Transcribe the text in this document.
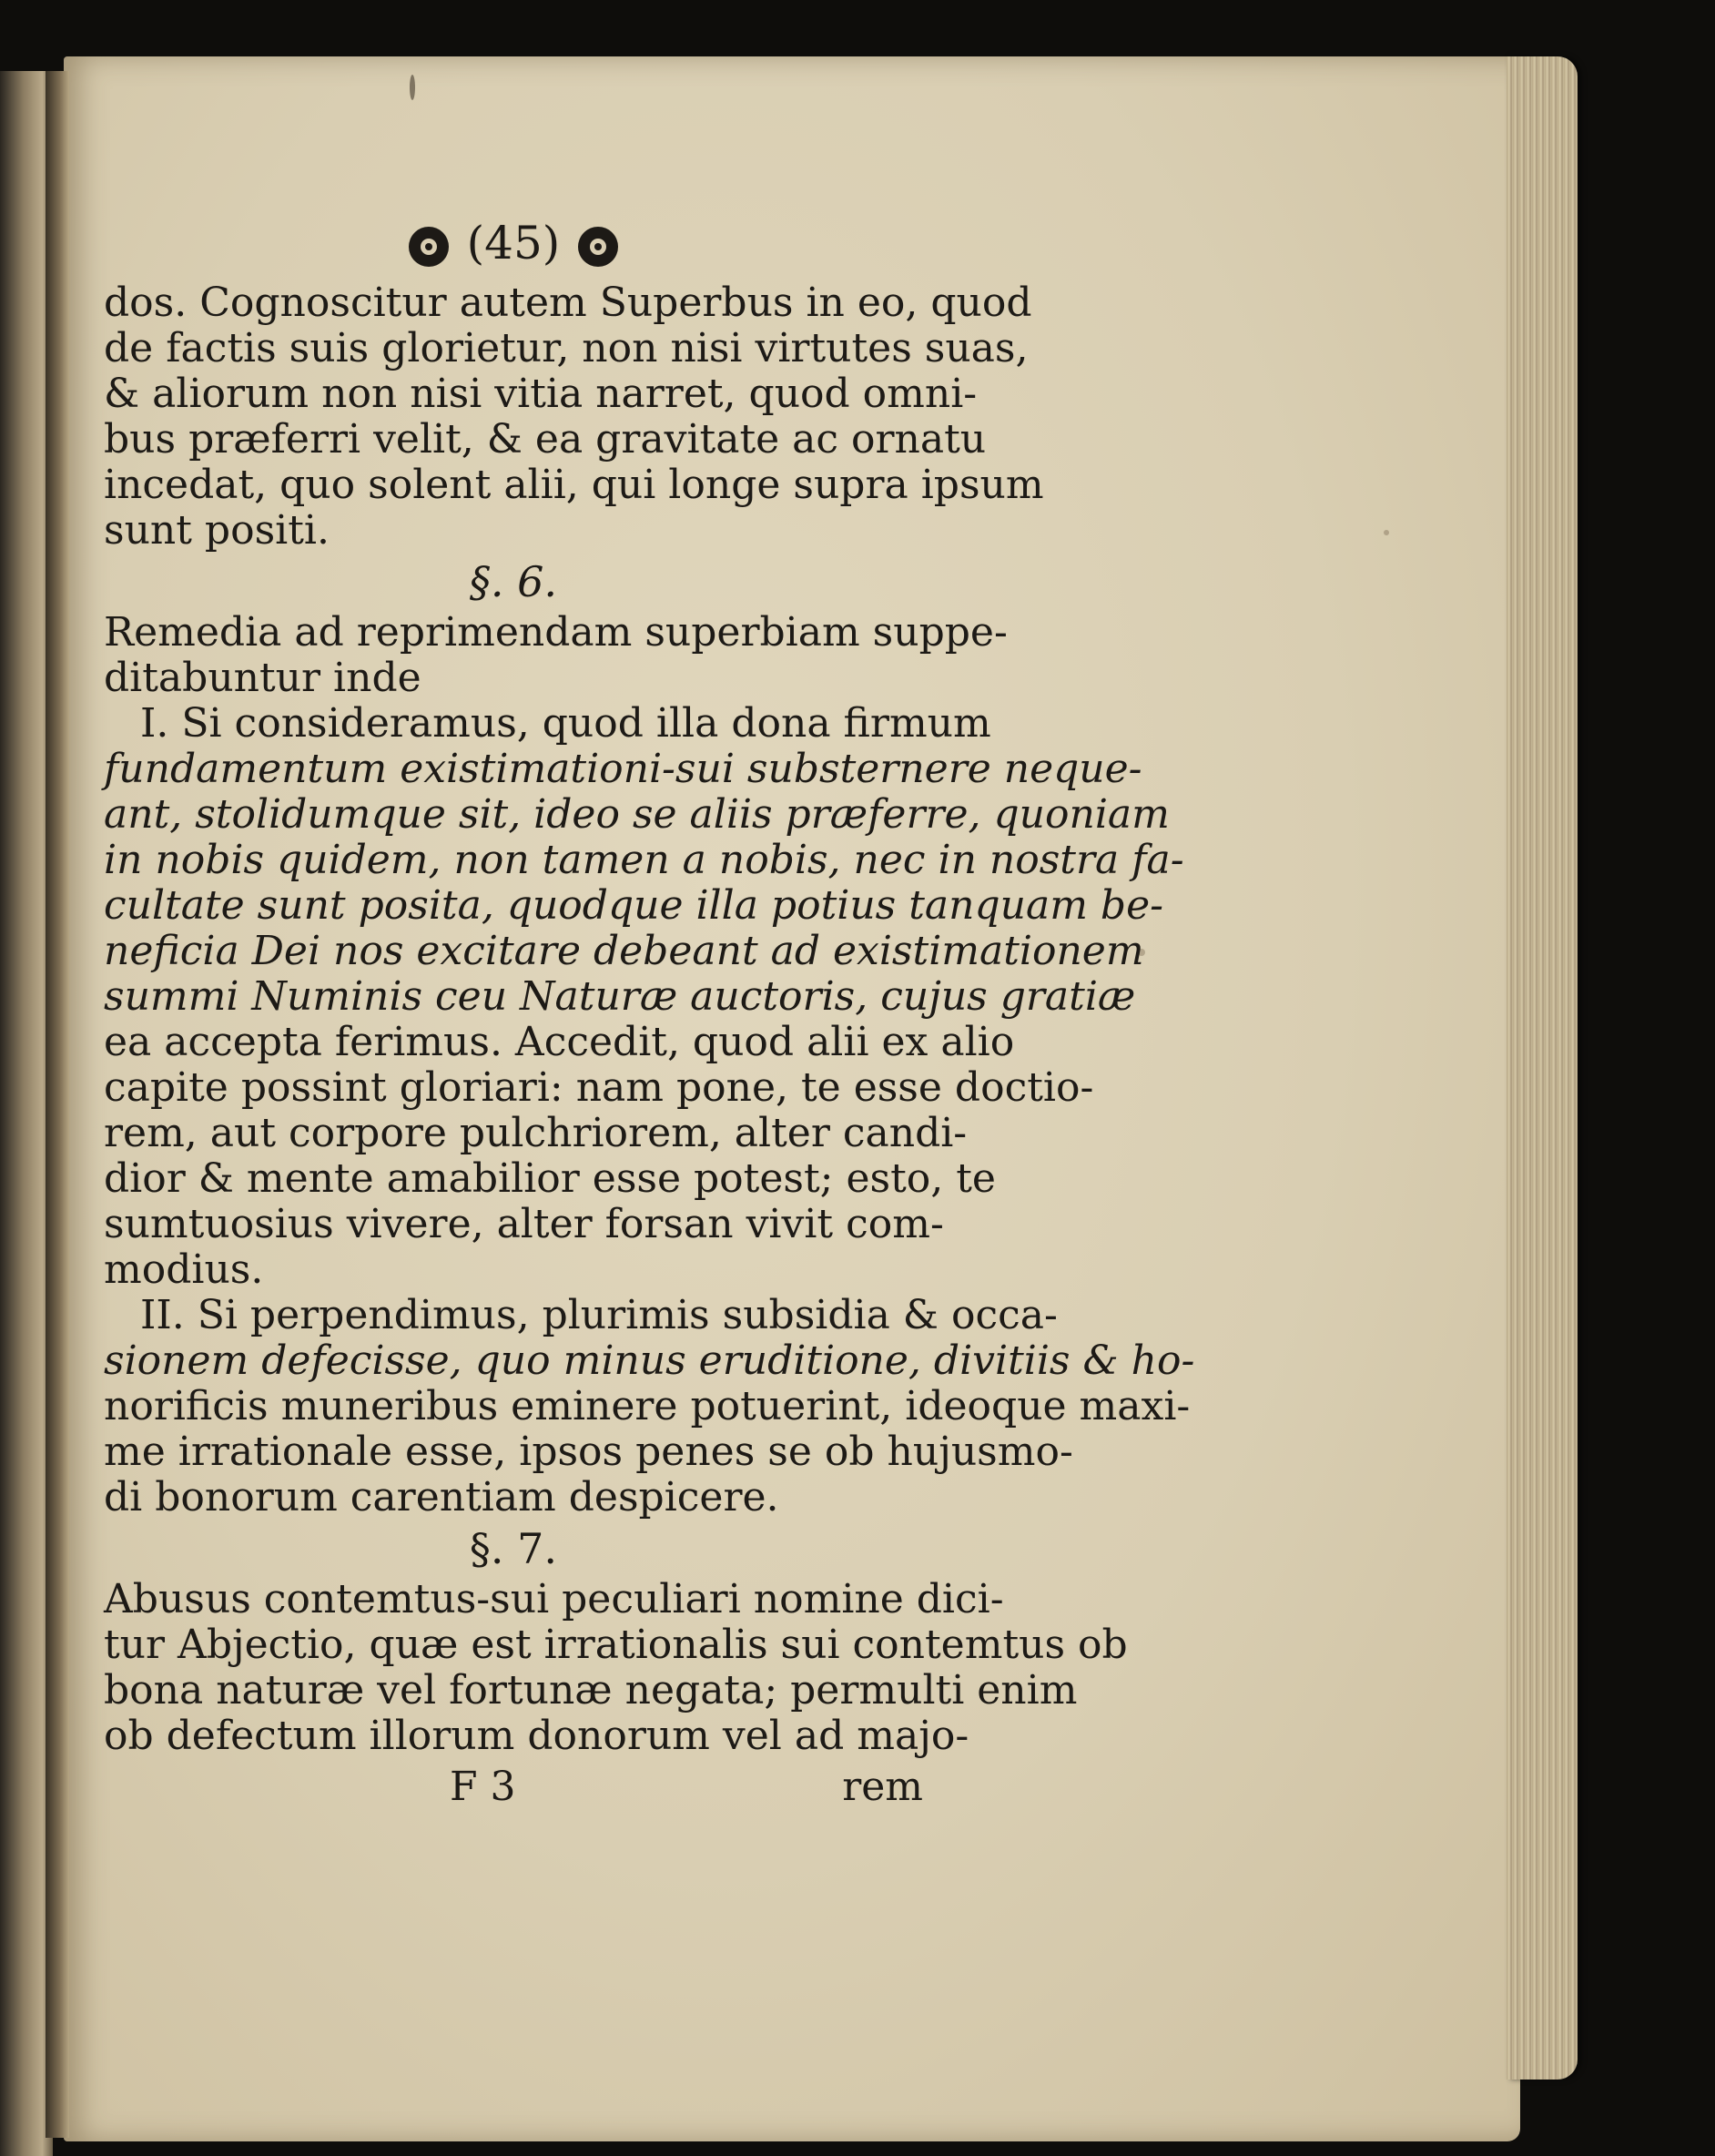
(45)
dos. Cognoscitur autem Superbus in eo, quod
de factis suis glorietur, non nisi virtutes suas,
& aliorum non nisi vitia narret, quod omni-
bus præferri velit, & ea gravitate ac ornatu
incedat, quo solent alii, qui longe supra ipsum
sunt positi.
§. 6.
Remedia ad reprimendam superbiam suppe-
ditabuntur inde
I. Si consideramus, quod illa dona firmum
fundamentum existimationi-sui substernere neque-
ant, stolidumque sit, ideo se aliis præferre, quoniam
in nobis quidem, non tamen a nobis, nec in nostra fa-
cultate sunt posita, quodque illa potius tanquam be-
neficia Dei nos excitare debeant ad existimationem
summi Numinis ceu Naturæ auctoris, cujus gratiæ
ea accepta ferimus. Accedit, quod alii ex alio
capite possint gloriari: nam pone, te esse doctio-
rem, aut corpore pulchriorem, alter candi-
dior & mente amabilior esse potest; esto, te
sumtuosius vivere, alter forsan vivit com-
modius.
II. Si perpendimus, plurimis subsidia & occa-
sionem defecisse, quo minus eruditione, divitiis & ho-
norificis muneribus eminere potuerint, ideoque maxi-
me irrationale esse, ipsos penes se ob hujusmo-
di bonorum carentiam despicere.
§. 7.
Abusus contemtus-sui peculiari nomine dici-
tur Abjectio, quæ est irrationalis sui contemtus ob
bona naturæ vel fortunæ negata; permulti enim
ob defectum illorum donorum vel ad majo-
F 3	rem
